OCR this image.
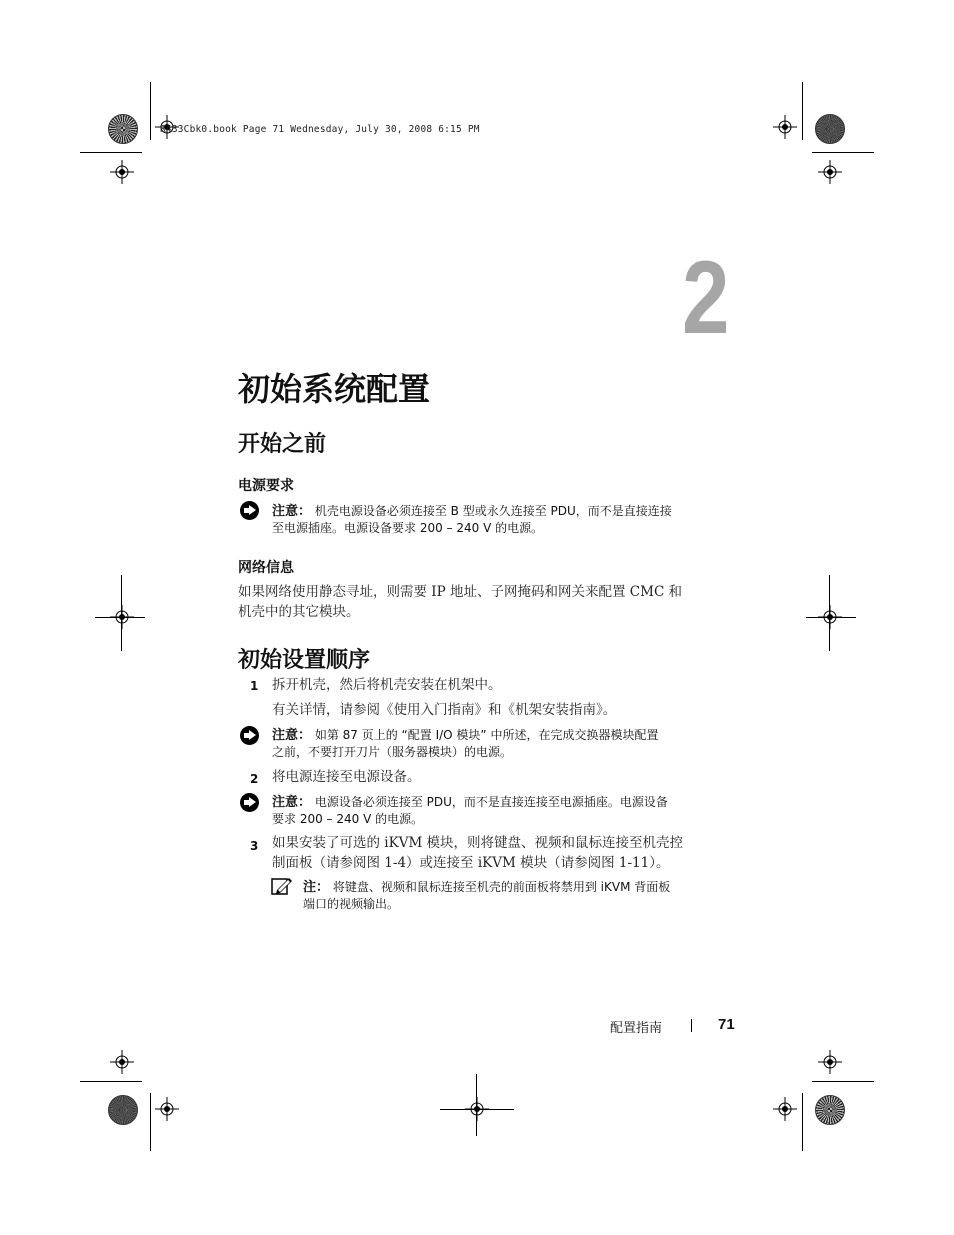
R433Cbk0.book Page 71 Wednesday, July 30, 2008 6:15 PM
2
初始系统配置
开始之前
电源要求
注意： 机壳电源设备必须连接至 B 型或永久连接至 PDU，而不是直接连接
至电源插座。电源设备要求 200 – 240 V 的电源。
网络信息
如果网络使用静态寻址，则需要 IP 地址、子网掩码和网关来配置 CMC 和
机壳中的其它模块。
初始设置顺序
1 拆开机壳，然后将机壳安装在机架中。
有关详情，请参阅《使用入门指南》和《机架安装指南》。
注意： 如第 87 页上的 “配置 I/O 模块” 中所述，在完成交换器模块配置
之前，不要打开刀片（服务器模块）的电源。
2 将电源连接至电源设备。
注意： 电源设备必须连接至 PDU，而不是直接连接至电源插座。电源设备
要求 200 – 240 V 的电源。
3 如果安装了可选的 iKVM 模块，则将键盘、视频和鼠标连接至机壳控
制面板（请参阅图 1-4）或连接至 iKVM 模块（请参阅图 1-11）。
注： 将键盘、视频和鼠标连接至机壳的前面板将禁用到 iKVM 背面板
端口的视频输出。
配置指南	71
